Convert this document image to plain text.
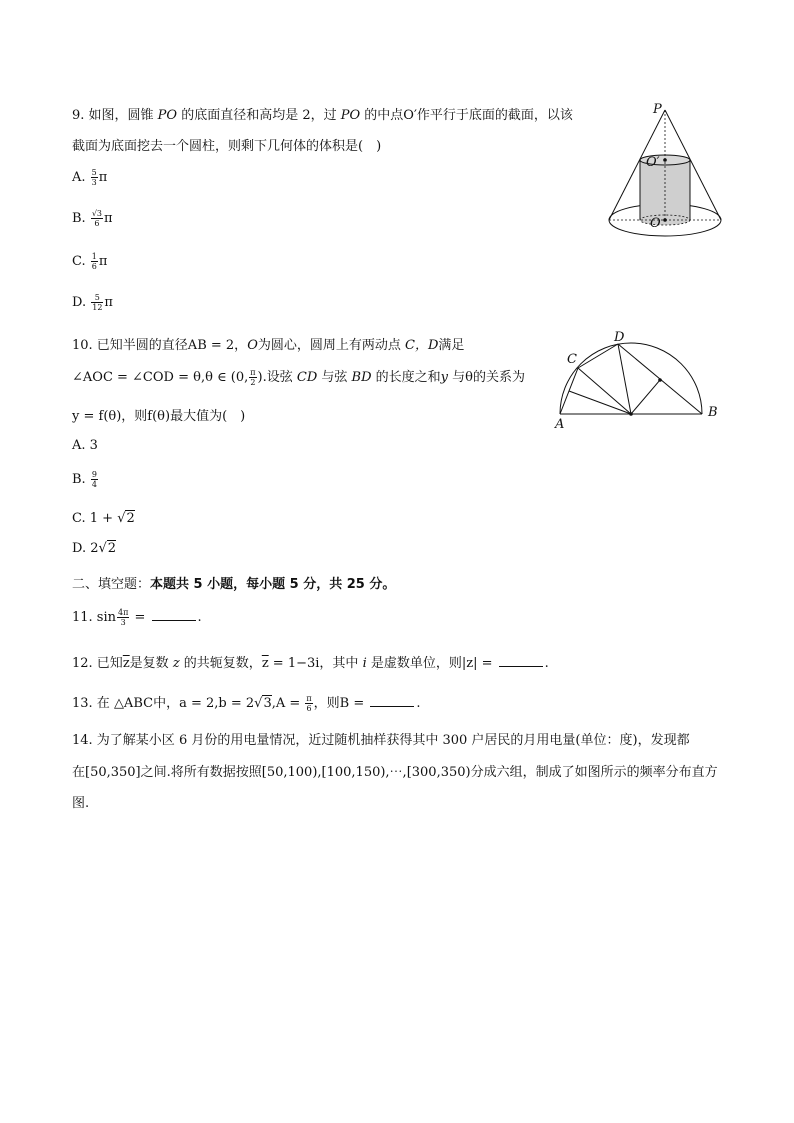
9. 如图，圆锥 PO 的底面直径和高均是 2，过 PO 的中点O′作平行于底面的截面，以该
截面为底面挖去一个圆柱，则剩下几何体的体积是(　)
A. $\frac{5}{3}$ π
B. $\frac{√3}{6}$ π
C. $\frac{1}{6}$ π
D. $\frac{5}{12}$ π
P
O′
O
10. 已知半圆的直径AB = 2，O为圆心，圆周上有两动点 C，D满足
∠AOC = ∠COD = θ,θ ∈ (0, $\frac{\pi}{2}$ ).设弦 CD 与弦 BD 的长度之和y 与θ的关系为
y = f(θ)，则f(θ)最大值为(　)
A. 3
B. $\frac{9}{4}$
C. 1 + √2
D. 2√2
A
B
C
D
二、填空题：本题共 5 小题，每小题 5 分，共 25 分。
11. $\sin \frac{4\pi}{3}$ =	.
12. 已知$\overline{z}$是复数 z 的共轭复数，$\overline{z} = 1-3i$，其中 i 是虚数单位，则|z| =	.
13. 在 △ABC中，$a = 2,b = 2√3,A = \frac{\pi}{6}$ ，则B =	.
14. 为了解某小区 6 月份的用电量情况，近过随机抽样获得其中 300 户居民的月用电量(单位：度)，发现都
在[50,350]之间.将所有数据按照[50,100),[100,150),⋯,[300,350)分成六组，制成了如图所示的频率分布直方
图.
